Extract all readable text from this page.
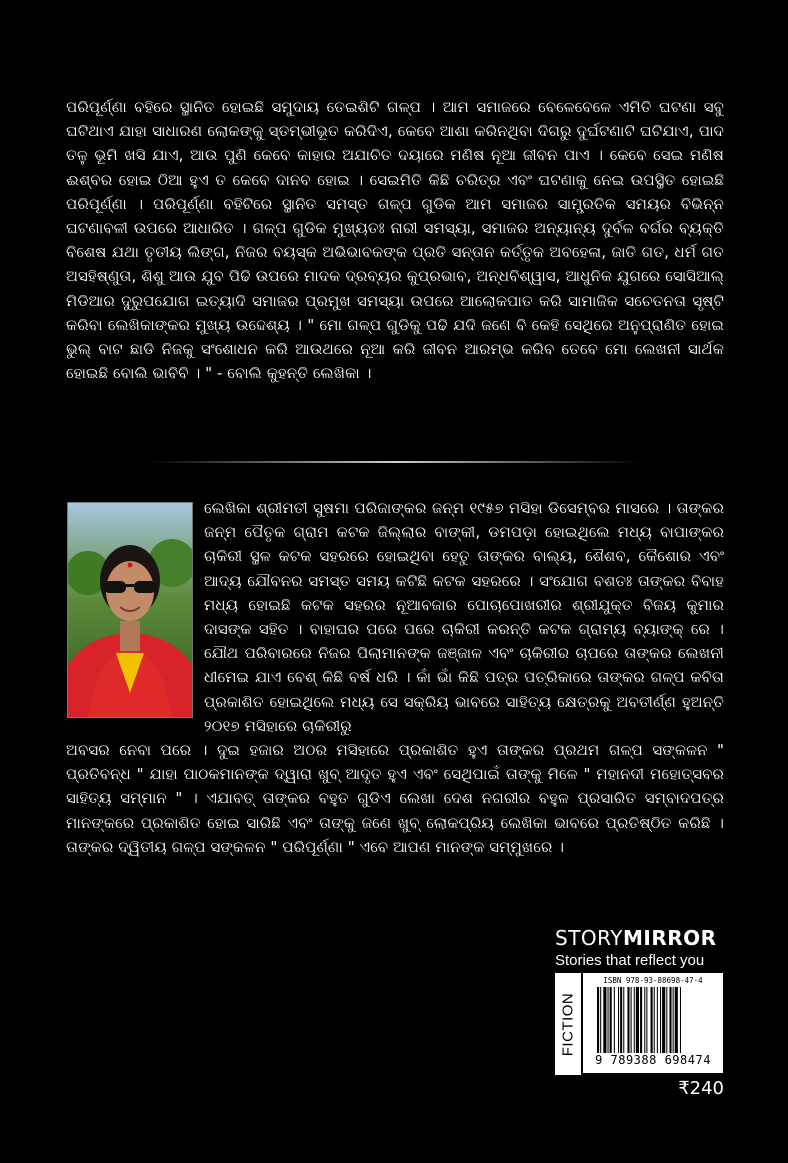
ପରିପୂର୍ଣ୍ଣା ବହିରେ ସ୍ଥାନିତ ହୋଇଛି ସମୁଦାୟ ତେଇଶିଟି ଗଳ୍ପ । ଆମ ସମାଜରେ ବେଳେବେଳେ ଏମିତି ଘଟଣା ସବୁ ଘଟିଥାଏ ଯାହା ସାଧାରଣ ଲୋକଙ୍କୁ ସ୍ତମ୍ଭୀଭୂତ କରିଦିଏ, କେବେ ଆଶା କରିନଥିବା ଦିଗରୁ ଦୁର୍ଘଟଣାଟି ଘଟିଯାଏ, ପାଦ ତଳୁ ଭୂମି ଖସି ଯାଏ, ଆଉ ପୁଣି କେବେ କାହାର ଅଯାଚିତ ଦୟାରେ ମଣିଷ ନୂଆ ଜୀବନ ପାଏ । କେବେ ସେଇ ମଣିଷ ଈଶ୍ବର ହୋଇ ଠିଆ ହୁଏ ତ କେବେ ଦାନବ ହୋଇ । ସେଇମିତି କିଛି ଚରିତ୍ର ଏବଂ ଘଟଣାକୁ ନେଇ ଉପସ୍ଥିତ ହୋଇଛି ପରିପୂର୍ଣ୍ଣା । ପରିପୂର୍ଣ୍ଣା ବହିଟିରେ ସ୍ଥାନିତ ସମସ୍ତ ଗଳ୍ପ ଗୁଡିକ ଆମ ସମାଜର ସାମ୍ପ୍ରତିକ ସମୟର ବିଭିନ୍ନ ଘଟଣାବଳୀ ଉପରେ ଆଧାରିତ । ଗଳ୍ପ ଗୁଡିକ ମୁଖ୍ୟତଃ ନାରୀ ସମସ୍ୟା, ସମାଜର ଅନ୍ୟାନ୍ୟ ଦୁର୍ବଳ ବର୍ଗର ବ୍ୟକ୍ତି ବିଶେଷ ଯଥା ତୃତୀୟ ଲିଙ୍ଗ, ନିଜର ବୟସ୍କ ଅଭିଭାବକଙ୍କ ପ୍ରତି ସନ୍ତାନ କର୍ତ୍ତୃକ ଅବହେଳା, ଜାତି ଗତ, ଧର୍ମ ଗତ ଅସହିଷ୍ଣୁତା, ଶିଶୁ ଆଉ ଯୁବ ପିଢି ଉପରେ ମାଦକ ଦ୍ରବ୍ୟର କୁପ୍ରଭାବ, ଅନ୍ଧବିଶ୍ୱାସ, ଆଧୁନିକ ଯୁଗରେ ସୋସିଆଲ୍ ମିଡିଆର ଦୁରୁପଯୋଗ ଇତ୍ୟାଦି ସମାଜର ପ୍ରମୁଖ ସମସ୍ୟା ଉପରେ ଆଲୋକପାତ କରି ସାମାଜିକ ସଚେତନତା ସୃଷ୍ଟି କରିବା ଲେଖିକାଙ୍କର ମୁଖ୍ୟ ଉଦ୍ଦେଶ୍ୟ । " ମୋ ଗଳ୍ପ ଗୁଡିକୁ ପଢି ଯଦି ଜଣେ ବି କେହି ସେଥିରେ ଅନୁପ୍ରାଣିତ ହୋଇ ଭୁଲ୍ ବାଟ ଛାଡି ନିଜକୁ ସଂଶୋଧନ କରି ଆଉଥରେ ନୂଆ କରି ଜୀବନ ଆରମ୍ଭ କରିବ ତେବେ ମୋ ଲେଖନୀ ସାର୍ଥକ ହୋଇଛି ବୋଲି ଭାବିବି । " - ବୋଲି କୁହନ୍ତି ଲେଖିକା ।
ଲେଖିକା ଶ୍ରୀମତୀ ସୁଷମା ପରିଜାଙ୍କର ଜନ୍ମ ୧୯୫୭ ମସିହା ଡିସେମ୍ବର ମାସରେ । ତାଙ୍କର ଜନ୍ମ ପୈତୃକ ଗ୍ରାମ କଟକ ଜିଲ୍ଲାର ବାଙ୍କୀ, ଡମପଡ଼ା ହୋଇଥିଲେ ମଧ୍ୟ ବାପାଙ୍କର ଚାକିରୀ ସ୍ଥଳ କଟକ ସହରରେ ହୋଇଥିବା ହେତୁ ତାଙ୍କର ବାଲ୍ୟ, ଶୈଶବ, କୈଶୋର ଏବଂ ଆଦ୍ୟ ଯୌବନର ସମସ୍ତ ସମୟ କଟିଛି କଟକ ସହରରେ । ସଂଯୋଗ ବଶତଃ ତାଙ୍କର ବିବାହ ମଧ୍ୟ ହୋଇଛି କଟକ ସହରର ନୂଆବଜାର ପୋଚାପୋଖରୀର ଶ୍ରୀଯୁକ୍ତ ବିଜୟ କୁମାର ଦାସଙ୍କ ସହିତ । ବାହାଘର ପରେ ପରେ ଚାକିରୀ କରନ୍ତି କଟକ ଗ୍ରାମ୍ୟ ବ୍ୟାଙ୍କ୍ ରେ । ଯୌଥ ପରିବାରରେ ନିଜର ପିଲାମାନଙ୍କ ଜଞ୍ଜାଳ ଏବଂ ଚାକିରୀର ଚାପରେ ତାଙ୍କର ଲେଖନୀ ଧୀମେଇ ଯାଏ ବେଶ୍ କିଛି ବର୍ଷ ଧରି । କାଁ ଭାଁ କିଛି ପତ୍ର ପତ୍ରିକାରେ ତାଙ୍କର ଗଳ୍ପ କବିତା ପ୍ରକାଶିତ ହୋଇଥିଲେ ମଧ୍ୟ ସେ ସକ୍ରିୟ ଭାବରେ ସାହିତ୍ୟ କ୍ଷେତ୍ରକୁ ଅବତୀର୍ଣ୍ଣ ହୁଅନ୍ତି ୨୦୧୭ ମସିହାରେ ଚାକିରୀରୁ
ଅବସର ନେବା ପରେ । ଦୁଇ ହଜାର ଅଠର ମସିହାରେ ପ୍ରକାଶିତ ହୁଏ ତାଙ୍କର ପ୍ରଥମ ଗଳ୍ପ ସଙ୍କଳନ " ପ୍ରତିବନ୍ଧ " ଯାହା ପାଠକମାନଙ୍କ ଦ୍ୱାରା ଖୁବ୍ ଆଦୃତ ହୁଏ ଏବଂ ସେଥିପାଇଁ ତାଙ୍କୁ ମିଳେ " ମହାନଦୀ ମହୋତ୍ସବର ସାହିତ୍ୟ ସମ୍ମାନ " । ଏଯାବତ୍ ତାଙ୍କର ବହୁତ ଗୁଡିଏ ଲେଖା ଦେଶ ନଗରୀର ବହୁଳ ପ୍ରସାରିତ ସମ୍ବାଦପତ୍ର ମାନଙ୍କରେ ପ୍ରକାଶିତ ହୋଇ ସାରିଛି ଏବଂ ତାଙ୍କୁ ଜଣେ ଖୁବ୍ ଲୋକପ୍ରିୟ ଲେଖିକା ଭାବରେ ପ୍ରତିଷ୍ଠିତ କରିଛି । ତାଙ୍କର ଦ୍ୱିତୀୟ ଗଳ୍ପ ସଙ୍କଳନ " ପରିପୂର୍ଣ୍ଣା " ଏବେ ଆପଣ ମାନଙ୍କ ସମ୍ମୁଖରେ ।
STORYMIRROR
Stories that reflect you
FICTION
ISBN 978-93-88698-47-4
9 789388 698474
₹240
